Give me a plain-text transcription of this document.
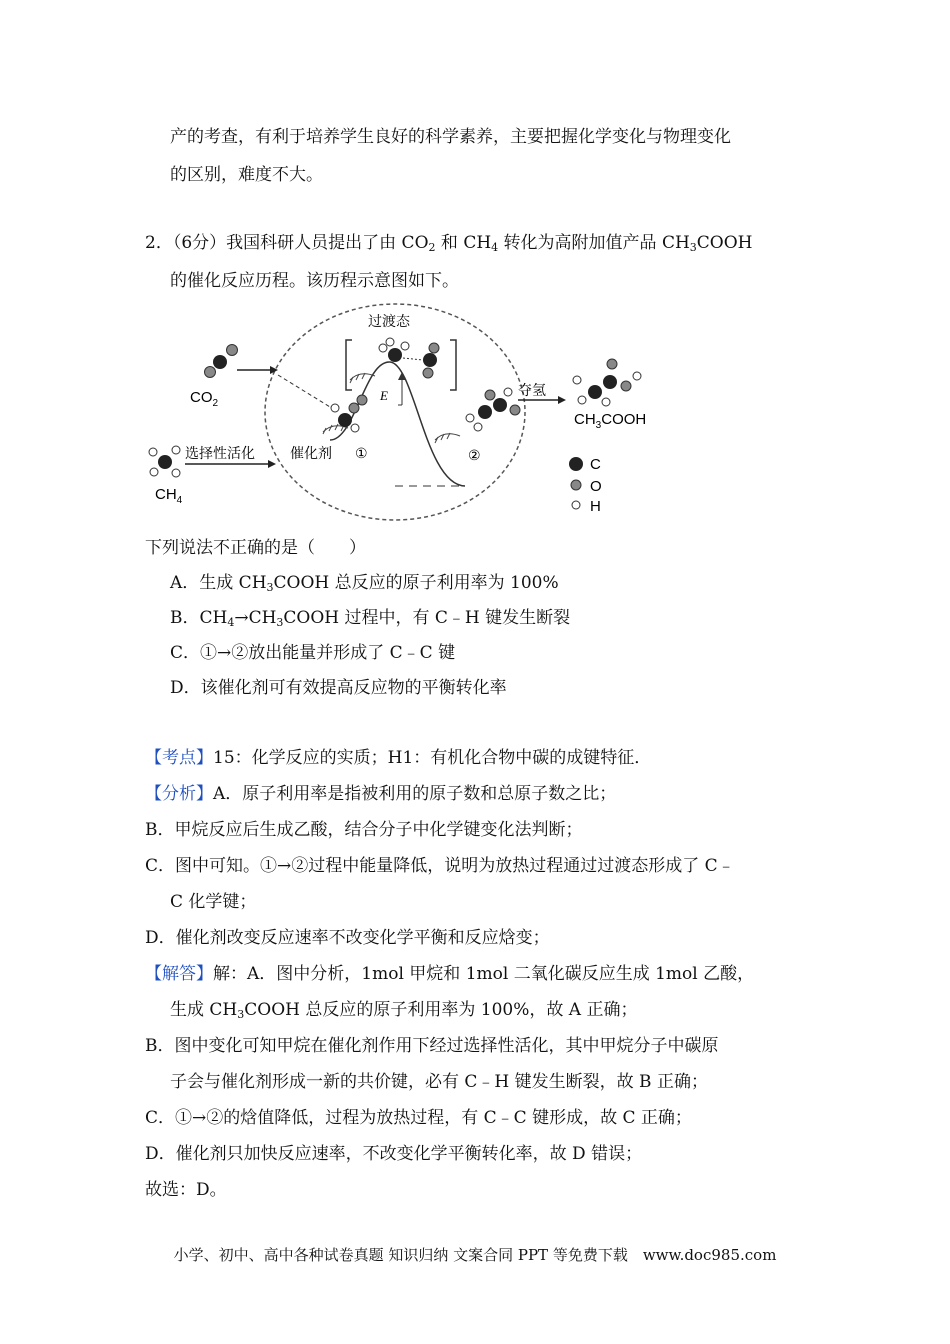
产的考查，有利于培养学生良好的科学素养，主要把握化学变化与物理变化
的区别，难度不大。
2．（6分）我国科研人员提出了由 $CO_2$ 和 $CH_4$ 转化为高附加值产品 $CH_3COOH$
的催化反应历程。该历程示意图如下。
$CO_2$
$CH_4$
选择性活化
E
催化剂 ①
过渡态
②
夺氢
$CH_3COOH$
C
O
H
下列说法不正确的是（　　）
A．生成 $CH_3COOH$ 总反应的原子利用率为 100%
B．$CH_4\to CH_3COOH$ 过程中，有 C﹣H 键发生断裂
C．①→②放出能量并形成了 C﹣C 键
D．该催化剂可有效提高反应物的平衡转化率
【考点】15：化学反应的实质；H1：有机化合物中碳的成键特征．
【分析】A．原子利用率是指被利用的原子数和总原子数之比；
B．甲烷反应后生成乙酸，结合分子中化学键变化法判断；
C．图中可知。①→②过程中能量降低，说明为放热过程通过过渡态形成了 C﹣
C 化学键；
D．催化剂改变反应速率不改变化学平衡和反应焓变；
【解答】解：A．图中分析，1mol 甲烷和 1mol 二氧化碳反应生成 1mol 乙酸，
生成 $CH_3COOH$ 总反应的原子利用率为 100%，故 A 正确；
B．图中变化可知甲烷在催化剂作用下经过选择性活化，其中甲烷分子中碳原
子会与催化剂形成一新的共价键，必有 C﹣H 键发生断裂，故 B 正确；
C．①→②的焓值降低，过程为放热过程，有 C﹣C 键形成，故 C 正确；
D．催化剂只加快反应速率，不改变化学平衡转化率，故 D 错误；
故选：D。
小学、初中、高中各种试卷真题 知识归纳 文案合同 PPT 等免费下载　www.doc985.com
